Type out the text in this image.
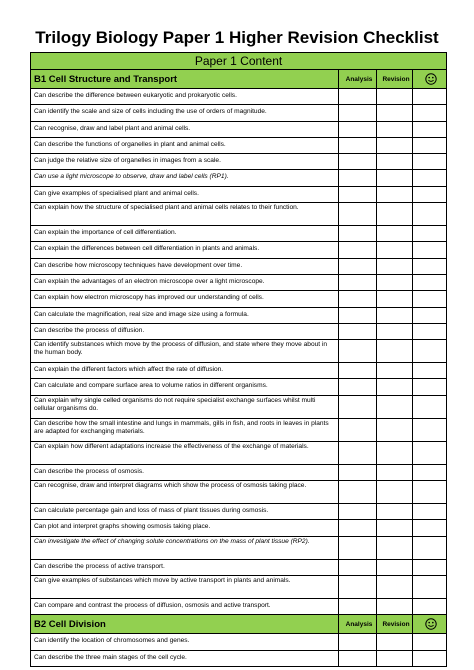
Trilogy Biology Paper 1 Higher Revision Checklist
Paper 1 Content			
B1 Cell Structure and Transport	Analysis	Revision	
Can describe the difference between eukaryotic and prokaryotic cells.			
Can identify the scale and size of cells including the use of orders of magnitude.			
Can recognise, draw and label plant and animal cells.			
Can describe the functions of organelles in plant and animal cells.			
Can judge the relative size of organelles in images from a scale.			
Can use a light microscope to observe, draw and label cells (RP1).			
Can give examples of specialised plant and animal cells.			
Can explain how the structure of specialised plant and animal cells relates to their function.			
Can explain the importance of cell differentiation.			
Can explain the differences between cell differentiation in plants and animals.			
Can describe how microscopy techniques have development over time.			
Can explain the advantages of an electron microscope over a light microscope.			
Can explain how electron microscopy has improved our understanding of cells.			
Can calculate the magnification, real size and image size using a formula.			
Can describe the process of diffusion.			
Can identify substances which move by the process of diffusion, and state where they move about in the human body.			
Can explain the different factors which affect the rate of diffusion.			
Can calculate and compare surface area to volume ratios in different organisms.			
Can explain why single celled organisms do not require specialist exchange surfaces whilst multi cellular organisms do.			
Can describe how the small intestine and lungs in mammals, gills in fish, and roots in leaves in plants are adapted for exchanging materials.			
Can explain how different adaptations increase the effectiveness of the exchange of materials.			
Can describe the process of osmosis.			
Can recognise, draw and interpret diagrams which show the process of osmosis taking place.			
Can calculate percentage gain and loss of mass of plant tissues during osmosis.			
Can plot and interpret graphs showing osmosis taking place.			
Can investigate the effect of changing solute concentrations on the mass of plant tissue (RP2).			
Can describe the process of active transport.			
Can give examples of substances which move by active transport in plants and animals.			
Can compare and contrast the process of diffusion, osmosis and active transport.			
B2 Cell Division	Analysis	Revision	
Can identify the location of chromosomes and genes.			
Can describe the three main stages of the cell cycle.			
